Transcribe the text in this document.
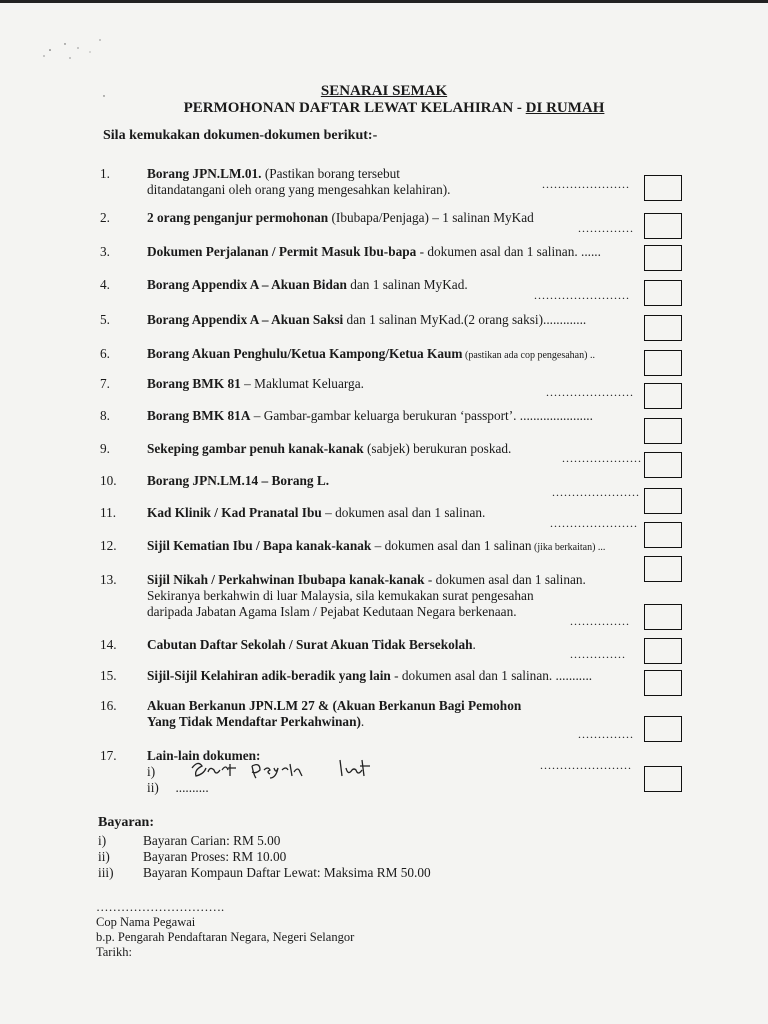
SENARAI SEMAK
PERMOHONAN DAFTAR LEWAT KELAHIRAN - DI RUMAH
Sila kemukakan dokumen-dokumen berikut:-
1.	Borang JPN.LM.01. (Pastikan borang tersebut
ditandatangani oleh orang yang mengesahkan kelahiran).	......................
2.	2 orang penganjur permohonan (Ibubapa/Penjaga) – 1 salinan MyKad
..............
3.	Dokumen Perjalanan / Permit Masuk Ibu-bapa - dokumen asal dan 1 salinan. ......
4.	Borang Appendix A – Akuan Bidan dan 1 salinan MyKad.
........................
5.	Borang Appendix A – Akuan Saksi dan 1 salinan MyKad.(2 orang saksi).............
6.	Borang Akuan Penghulu/Ketua Kampong/Ketua Kaum (pastikan ada cop pengesahan) ..
7.	Borang BMK 81 – Maklumat Keluarga.
......................
8.	Borang BMK 81A – Gambar-gambar keluarga berukuran ‘passport’. ......................
9.	Sekeping gambar penuh kanak-kanak (sabjek) berukuran poskad.
....................
10.	Borang JPN.LM.14 – Borang L.
......................
11.	Kad Klinik / Kad Pranatal Ibu – dokumen asal dan 1 salinan.
......................
12.	Sijil Kematian Ibu / Bapa kanak-kanak – dokumen asal dan 1 salinan (jika berkaitan) ...
13.	Sijil Nikah / Perkahwinan Ibubapa kanak-kanak - dokumen asal dan 1 salinan.
Sekiranya berkahwin di luar Malaysia, sila kemukakan surat pengesahan
daripada Jabatan Agama Islam / Pejabat Kedutaan Negara berkenaan.
...............
14.	Cabutan Daftar Sekolah / Surat Akuan Tidak Bersekolah.
..............
15.	Sijil-Sijil Kelahiran adik-beradik yang lain - dokumen asal dan 1 salinan. ...........
16.	Akuan Berkanun JPN.LM 27 & (Akuan Berkanun Bagi Pemohon
Yang Tidak Mendaftar Perkahwinan).
..............
17.	Lain-lain dokumen:
i)
ii) ..........
.......................
Bayaran:
i)	Bayaran Carian: RM 5.00
ii) Bayaran Proses: RM 10.00
iii) Bayaran Kompaun Daftar Lewat: Maksima RM 50.00
………………………….
Cop Nama Pegawai
b.p. Pengarah Pendaftaran Negara, Negeri Selangor
Tarikh:
